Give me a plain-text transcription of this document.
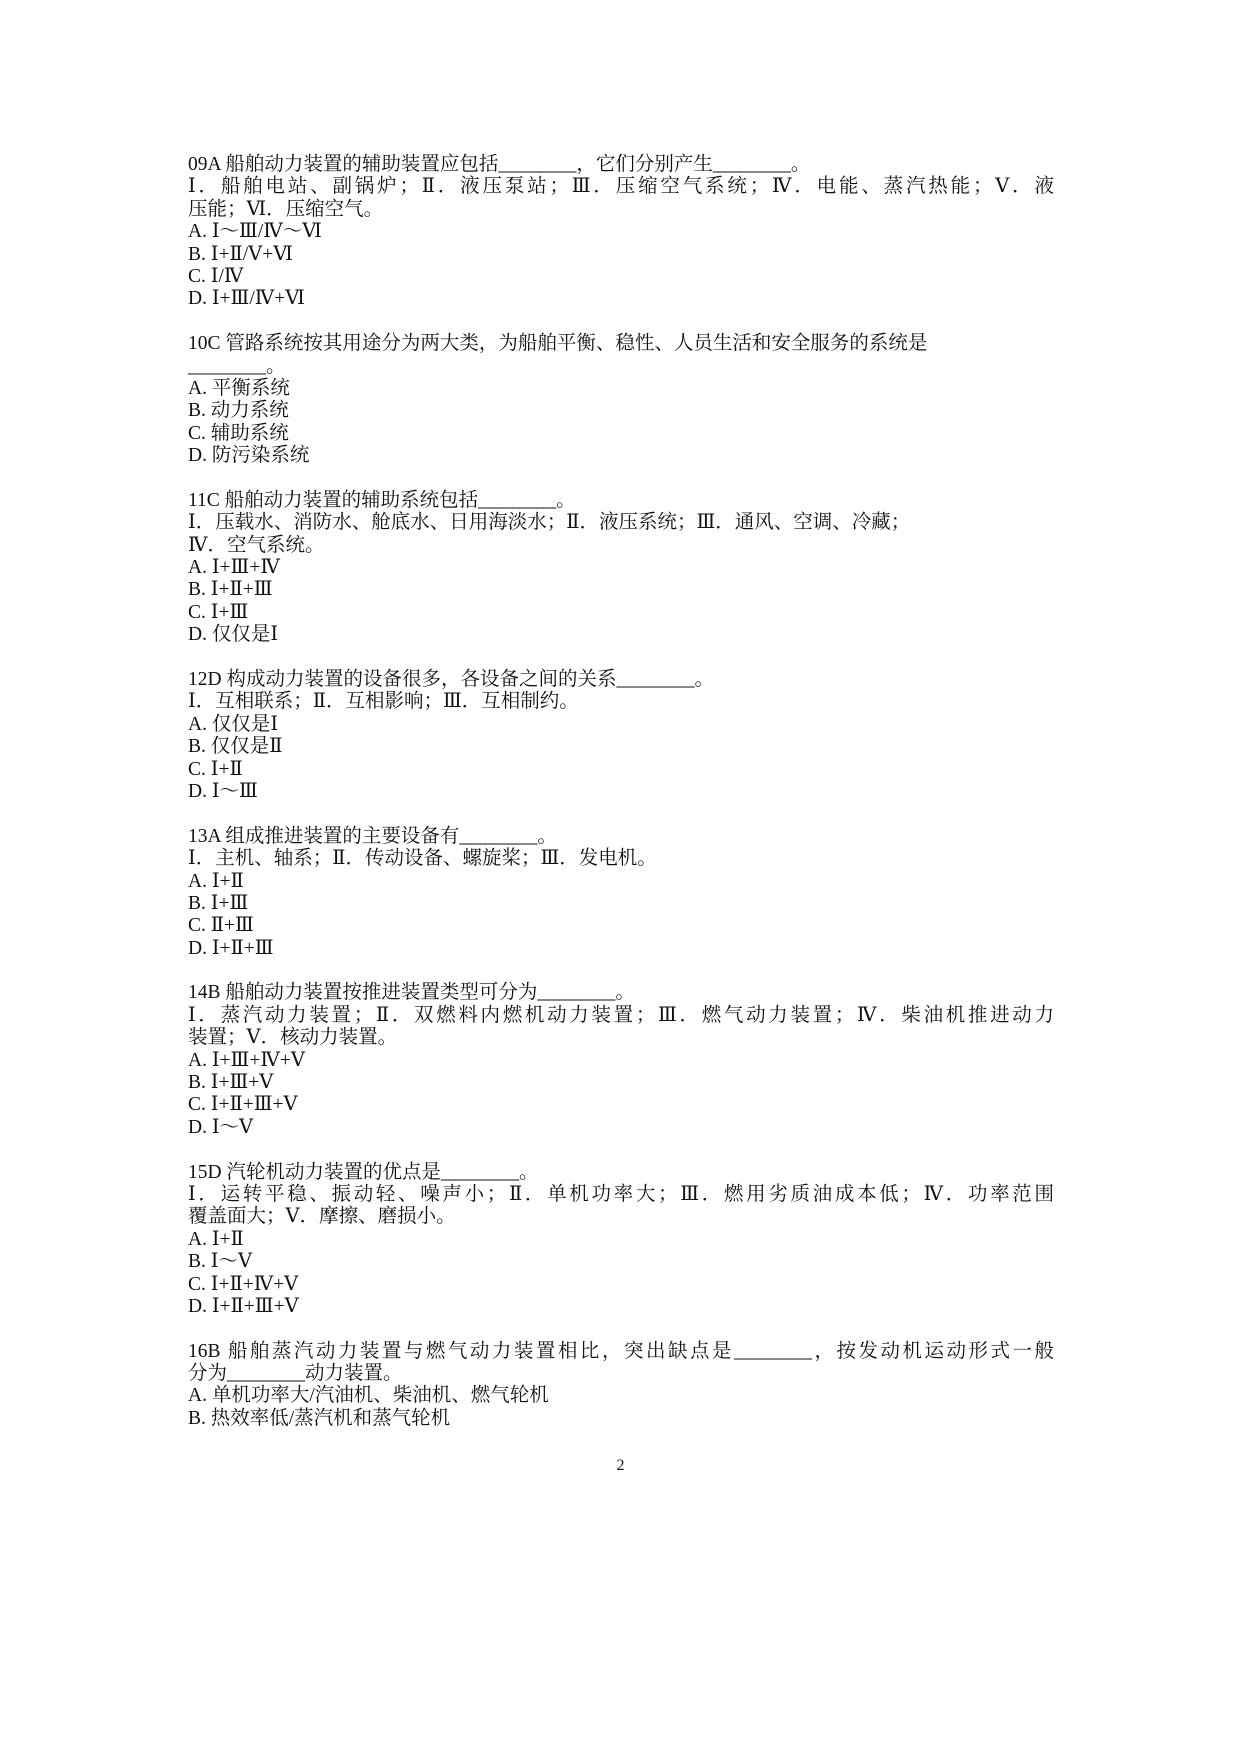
09A 船舶动力装置的辅助装置应包括________，它们分别产生________。
Ⅰ．船舶电站、副锅炉；Ⅱ．液压泵站；Ⅲ．压缩空气系统；Ⅳ．电能、蒸汽热能；Ⅴ．液
压能；Ⅵ．压缩空气。
A. Ⅰ～Ⅲ/Ⅳ～Ⅵ
B. Ⅰ+Ⅱ/Ⅴ+Ⅵ
C. Ⅰ/Ⅳ
D. Ⅰ+Ⅲ/Ⅳ+Ⅵ
10C 管路系统按其用途分为两大类，为船舶平衡、稳性、人员生活和安全服务的系统是
________。
A. 平衡系统
B. 动力系统
C. 辅助系统
D. 防污染系统
11C 船舶动力装置的辅助系统包括________。
Ⅰ．压载水、消防水、舱底水、日用海淡水；Ⅱ．液压系统；Ⅲ．通风、空调、冷藏；
Ⅳ．空气系统。
A. Ⅰ+Ⅲ+Ⅳ
B. Ⅰ+Ⅱ+Ⅲ
C. Ⅰ+Ⅲ
D. 仅仅是Ⅰ
12D 构成动力装置的设备很多，各设备之间的关系________。
Ⅰ．互相联系；Ⅱ．互相影响；Ⅲ．互相制约。
A. 仅仅是Ⅰ
B. 仅仅是Ⅱ
C. Ⅰ+Ⅱ
D. Ⅰ～Ⅲ
13A 组成推进装置的主要设备有________。
Ⅰ．主机、轴系；Ⅱ．传动设备、螺旋桨；Ⅲ．发电机。
A. Ⅰ+Ⅱ
B. Ⅰ+Ⅲ
C. Ⅱ+Ⅲ
D. Ⅰ+Ⅱ+Ⅲ
14B 船舶动力装置按推进装置类型可分为________。
Ⅰ．蒸汽动力装置；Ⅱ．双燃料内燃机动力装置；Ⅲ．燃气动力装置；Ⅳ．柴油机推进动力
装置；Ⅴ．核动力装置。
A. Ⅰ+Ⅲ+Ⅳ+Ⅴ
B. Ⅰ+Ⅲ+Ⅴ
C. Ⅰ+Ⅱ+Ⅲ+Ⅴ
D. Ⅰ～Ⅴ
15D 汽轮机动力装置的优点是________。
Ⅰ．运转平稳、振动轻、噪声小；Ⅱ．单机功率大；Ⅲ．燃用劣质油成本低；Ⅳ．功率范围
覆盖面大；Ⅴ．摩擦、磨损小。
A. Ⅰ+Ⅱ
B. Ⅰ～Ⅴ
C. Ⅰ+Ⅱ+Ⅳ+Ⅴ
D. Ⅰ+Ⅱ+Ⅲ+Ⅴ
16B 船舶蒸汽动力装置与燃气动力装置相比，突出缺点是________，按发动机运动形式一般
分为________动力装置。
A. 单机功率大/汽油机、柴油机、燃气轮机
B. 热效率低/蒸汽机和蒸气轮机
2
